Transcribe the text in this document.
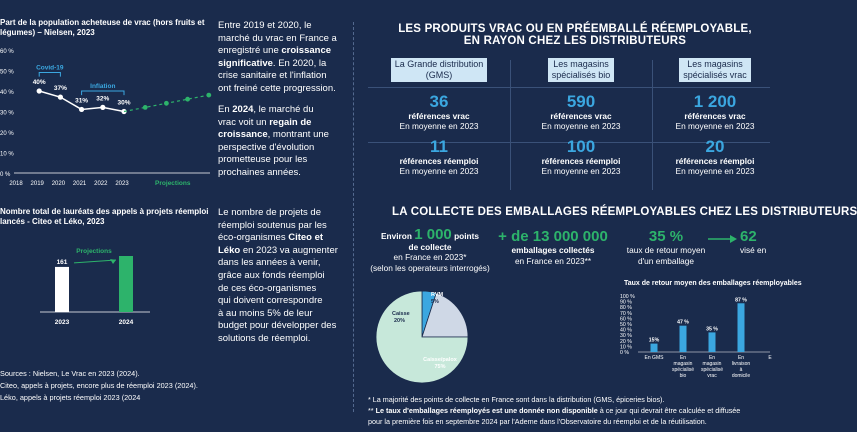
Part de la population acheteuse de vrac (hors fruits et légumes) – Nielsen, 2023
60 %
50 %
40 %
30 %
20 %
10 %
0 %
2018 2019 2020 2021 2022 2023
Covid-19
Inflation
40%
37%
31% 32%
30%
Projections
Nombre total de lauréats des appels à projets réemploi lancés - Citeo et Léko, 2023
2023	2024
161
Projections
Sources : Nielsen, Le Vrac en 2023 (2024).
Citeo, appels à projets, encore plus de réemploi 2023 (2024).
Léko, appels à projets réemploi 2023 (2024
Entre 2019 et 2020, le
marché du vrac en France a
enregistré une croissance
significative. En 2020, la
crise sanitaire et l'inflation
ont freiné cette progression.
En 2024, le marché du
vrac voit un regain de
croissance, montrant une
perspective d'évolution
prometteuse pour les
prochaines années.
Le nombre de projets de
réemploi soutenus par les
éco-organismes Citeo et
Léko en 2023 va augmenter
dans les années à venir,
grâce aux fonds réemploi
de ces éco-organismes
qui doivent correspondre
à au moins 5% de leur
budget pour développer des
solutions de réemploi.
LES PRODUITS VRAC OU EN PRÉEMBALLÉ RÉEMPLOYABLE,
EN RAYON CHEZ LES DISTRIBUTEURS
La Grande distribution
(GMS)
36
références vrac
En moyenne en 2023
11
références réemploi
En moyenne en 2023
Les magasins
spécialisés bio
590
références vrac
En moyenne en 2023
100
références réemploi
En moyenne en 2023
Les magasins
spécialisés vrac
1 200
références vrac
En moyenne en 2023
20
références réemploi
En moyenne en 2023
LA COLLECTE DES EMBALLAGES RÉEMPLOYABLES CHEZ LES DISTRIBUTEURS
Environ 1 000 points
de collecte
en France en 2023*
(selon les operateurs interrogés)
+ de 13 000 000
emballages collectés
en France en 2023**
35 %
taux de retour moyen
d'un emballage
62
visé en
RVM
5%
Caisse
20%
Caisse/palox
75%
Taux de retour moyen des emballages réemployables
100 %
90 %
80 %
70 %
60 %
50 %
40 %
30 %
20 %
10 %
0 %
15%
En GMS
47 %
En
magasin
spécialisé
bio
35 %
En
magasin
spécialisé
vrac
87 %
En
livraison
à
domicile
E
* La majorité des points de collecte en France sont dans la distribution (GMS, épiceries bios).
** Le taux d'emballages réemployés est une donnée non disponible à ce jour qui devrait être calculée et diffusée
pour la première fois en septembre 2024 par l'Ademe dans l'Observatoire du réemploi et de la réutilisation.
